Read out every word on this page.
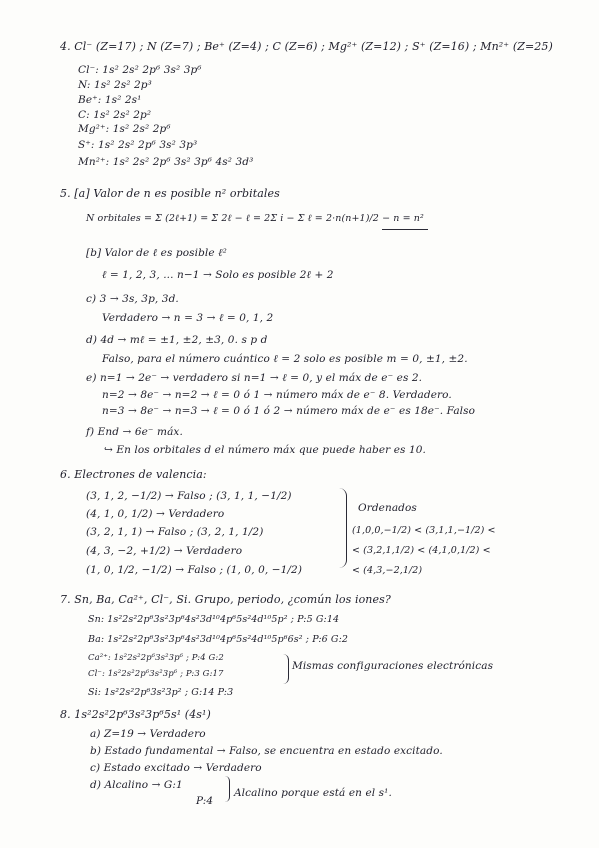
4. Cl⁻ (Z=17) ; N (Z=7) ; Be⁺ (Z=4) ; C (Z=6) ; Mg²⁺ (Z=12) ; S⁺ (Z=16) ; Mn²⁺ (Z=25)
Cl⁻: 1s² 2s² 2p⁶ 3s² 3p⁶
N: 1s² 2s² 2p³
Be⁺: 1s² 2s¹
C: 1s² 2s² 2p²
Mg²⁺: 1s² 2s² 2p⁶
S⁺: 1s² 2s² 2p⁶ 3s² 3p³
Mn²⁺: 1s² 2s² 2p⁶ 3s² 3p⁶ 4s² 3d³
5. [a] Valor de n es posible n² orbitales
N orbitales = Σ (2ℓ+1) = Σ 2ℓ − ℓ = 2Σ i − Σ ℓ = 2·n(n+1)/2 − n = n²
[b] Valor de ℓ es posible ℓ²
ℓ = 1, 2, 3, ... n−1 → Solo es posible 2ℓ + 2
c) 3 → 3s, 3p, 3d.
Verdadero → n = 3 → ℓ = 0, 1, 2
d) 4d → mℓ = ±1, ±2, ±3, 0. s p d
Falso, para el número cuántico ℓ = 2 solo es posible m = 0, ±1, ±2.
e) n=1 → 2e⁻ → verdadero si n=1 → ℓ = 0, y el máx de e⁻ es 2.
n=2 → 8e⁻ → n=2 → ℓ = 0 ó 1 → número máx de e⁻ 8. Verdadero.
n=3 → 8e⁻ → n=3 → ℓ = 0 ó 1 ó 2 → número máx de e⁻ es 18e⁻. Falso
f) End → 6e⁻ máx.
↪ En los orbitales d el número máx que puede haber es 10.
6. Electrones de valencia:
(3, 1, 2, −1/2) → Falso ; (3, 1, 1, −1/2)
(4, 1, 0, 1/2) → Verdadero
(3, 2, 1, 1) → Falso ; (3, 2, 1, 1/2)
(4, 3, −2, +1/2) → Verdadero
(1, 0, 1/2, −1/2) → Falso ; (1, 0, 0, −1/2)
Ordenados
(1,0,0,−1/2) < (3,1,1,−1/2) <
< (3,2,1,1/2) < (4,1,0,1/2) <
< (4,3,−2,1/2)
7. Sn, Ba, Ca²⁺, Cl⁻, Si. Grupo, periodo, ¿común los iones?
Sn: 1s²2s²2p⁶3s²3p⁶4s²3d¹⁰4p⁶5s²4d¹⁰5p² ; P:5 G:14
Ba: 1s²2s²2p⁶3s²3p⁶4s²3d¹⁰4p⁶5s²4d¹⁰5p⁶6s² ; P:6 G:2
Ca²⁺: 1s²2s²2p⁶3s²3p⁶ ; P:4 G:2
Cl⁻: 1s²2s²2p⁶3s²3p⁶ ; P:3 G:17
Mismas configuraciones electrónicas
Si: 1s²2s²2p⁶3s²3p² ; G:14 P:3
8. 1s²2s²2p⁶3s²3p⁶5s¹ (4s¹)
a) Z=19 → Verdadero
b) Estado fundamental → Falso, se encuentra en estado excitado.
c) Estado excitado → Verdadero
d) Alcalino → G:1
P:4
Alcalino porque está en el s¹.
